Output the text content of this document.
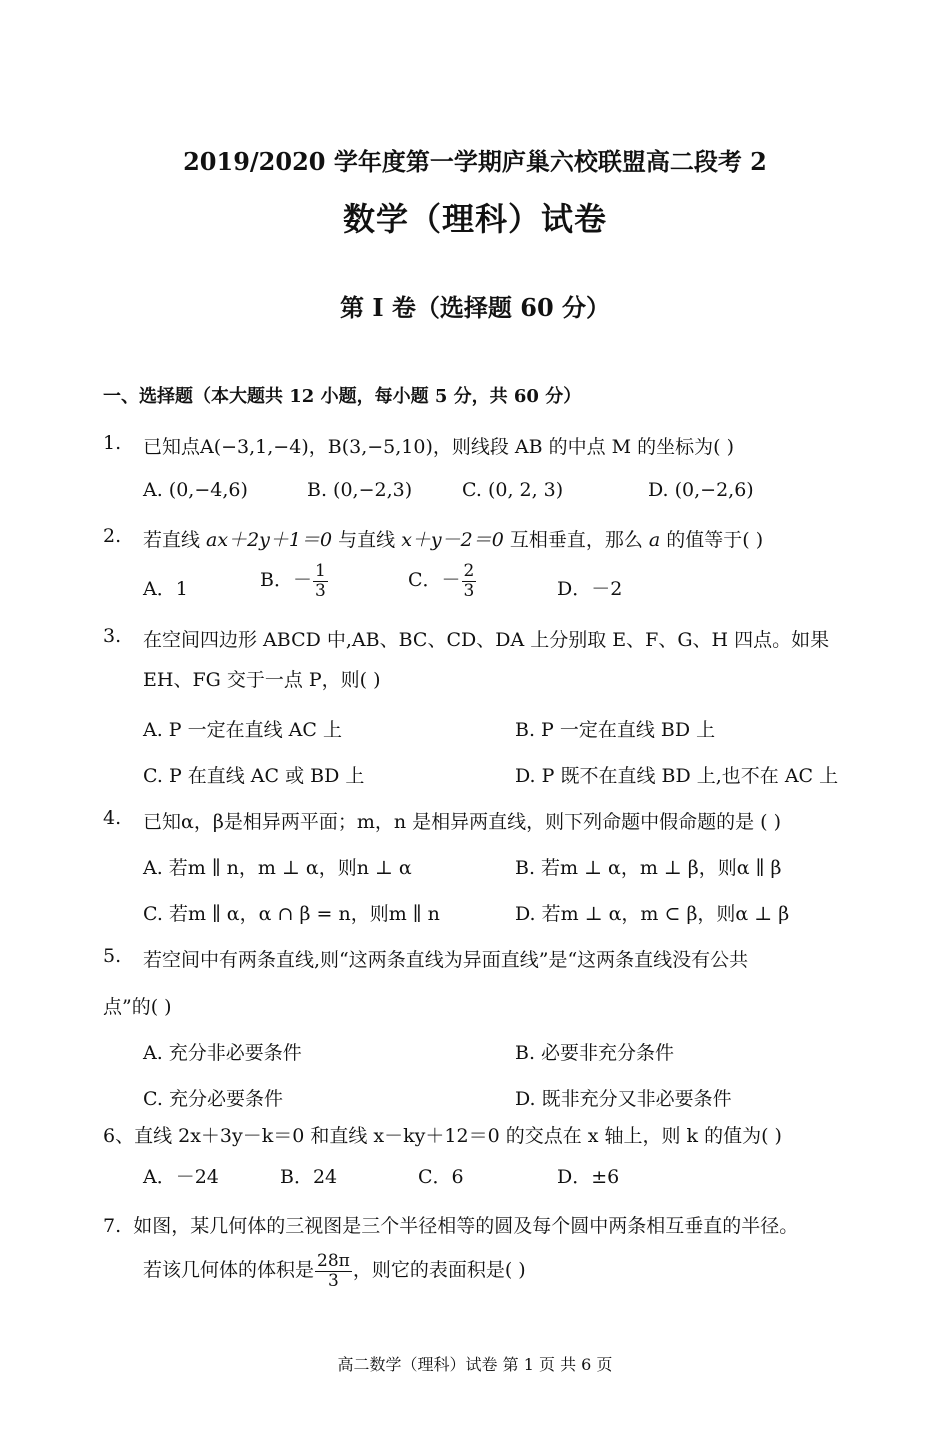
2019/2020 学年度第一学期庐巢六校联盟高二段考 2
数学（理科）试卷
第 I 卷（选择题 60 分）
一、选择题（本大题共 12 小题，每小题 5 分，共 60 分）
1. 已知点A(−3,1,−4)，B(3,−5,10)，则线段 AB 的中点 M 的坐标为( )
A. (0,−4,6)	B. (0,−2,3)	C. (0, 2, 3)	D. (0,−2,6)
2. 若直线 ax＋2y＋1＝0 与直线 x＋y－2＝0 互相垂直，那么 a 的值等于( )
A．1	B．－ $\frac{1}{3}$	C．－ $\frac{2}{3}$	D．－2
3. 在空间四边形 ABCD 中,AB、BC、CD、DA 上分别取 E、F、G、H 四点。如果
EH、FG 交于一点 P，则( )
A. P 一定在直线 AC 上	B. P 一定在直线 BD 上
C. P 在直线 AC 或 BD 上	D. P 既不在直线 BD 上,也不在 AC 上
4. 已知α，β是相异两平面；m，n 是相异两直线，则下列命题中假命题的是 ( )
A. 若m ∥ n，m ⊥ α，则n ⊥ α	B. 若m ⊥ α，m ⊥ β，则α ∥ β
C. 若m ∥ α，α ∩ β = n，则m ∥ n	D. 若m ⊥ α，m ⊂ β，则α ⊥ β
5. 若空间中有两条直线,则“这两条直线为异面直线”是“这两条直线没有公共
点”的( )
A. 充分非必要条件	B. 必要非充分条件
C. 充分必要条件	D. 既非充分又非必要条件
6、直线 2x＋3y－k＝0 和直线 x－ky＋12＝0 的交点在 x 轴上，则 k 的值为( )
A．－24	B．24	C．6	D．±6
7. 如图，某几何体的三视图是三个半径相等的圆及每个圆中两条相互垂直的半径。
若该几何体的体积是 $\frac{28\pi}{3}$ ，则它的表面积是( )
高二数学（理科）试卷 第 1 页 共 6 页
